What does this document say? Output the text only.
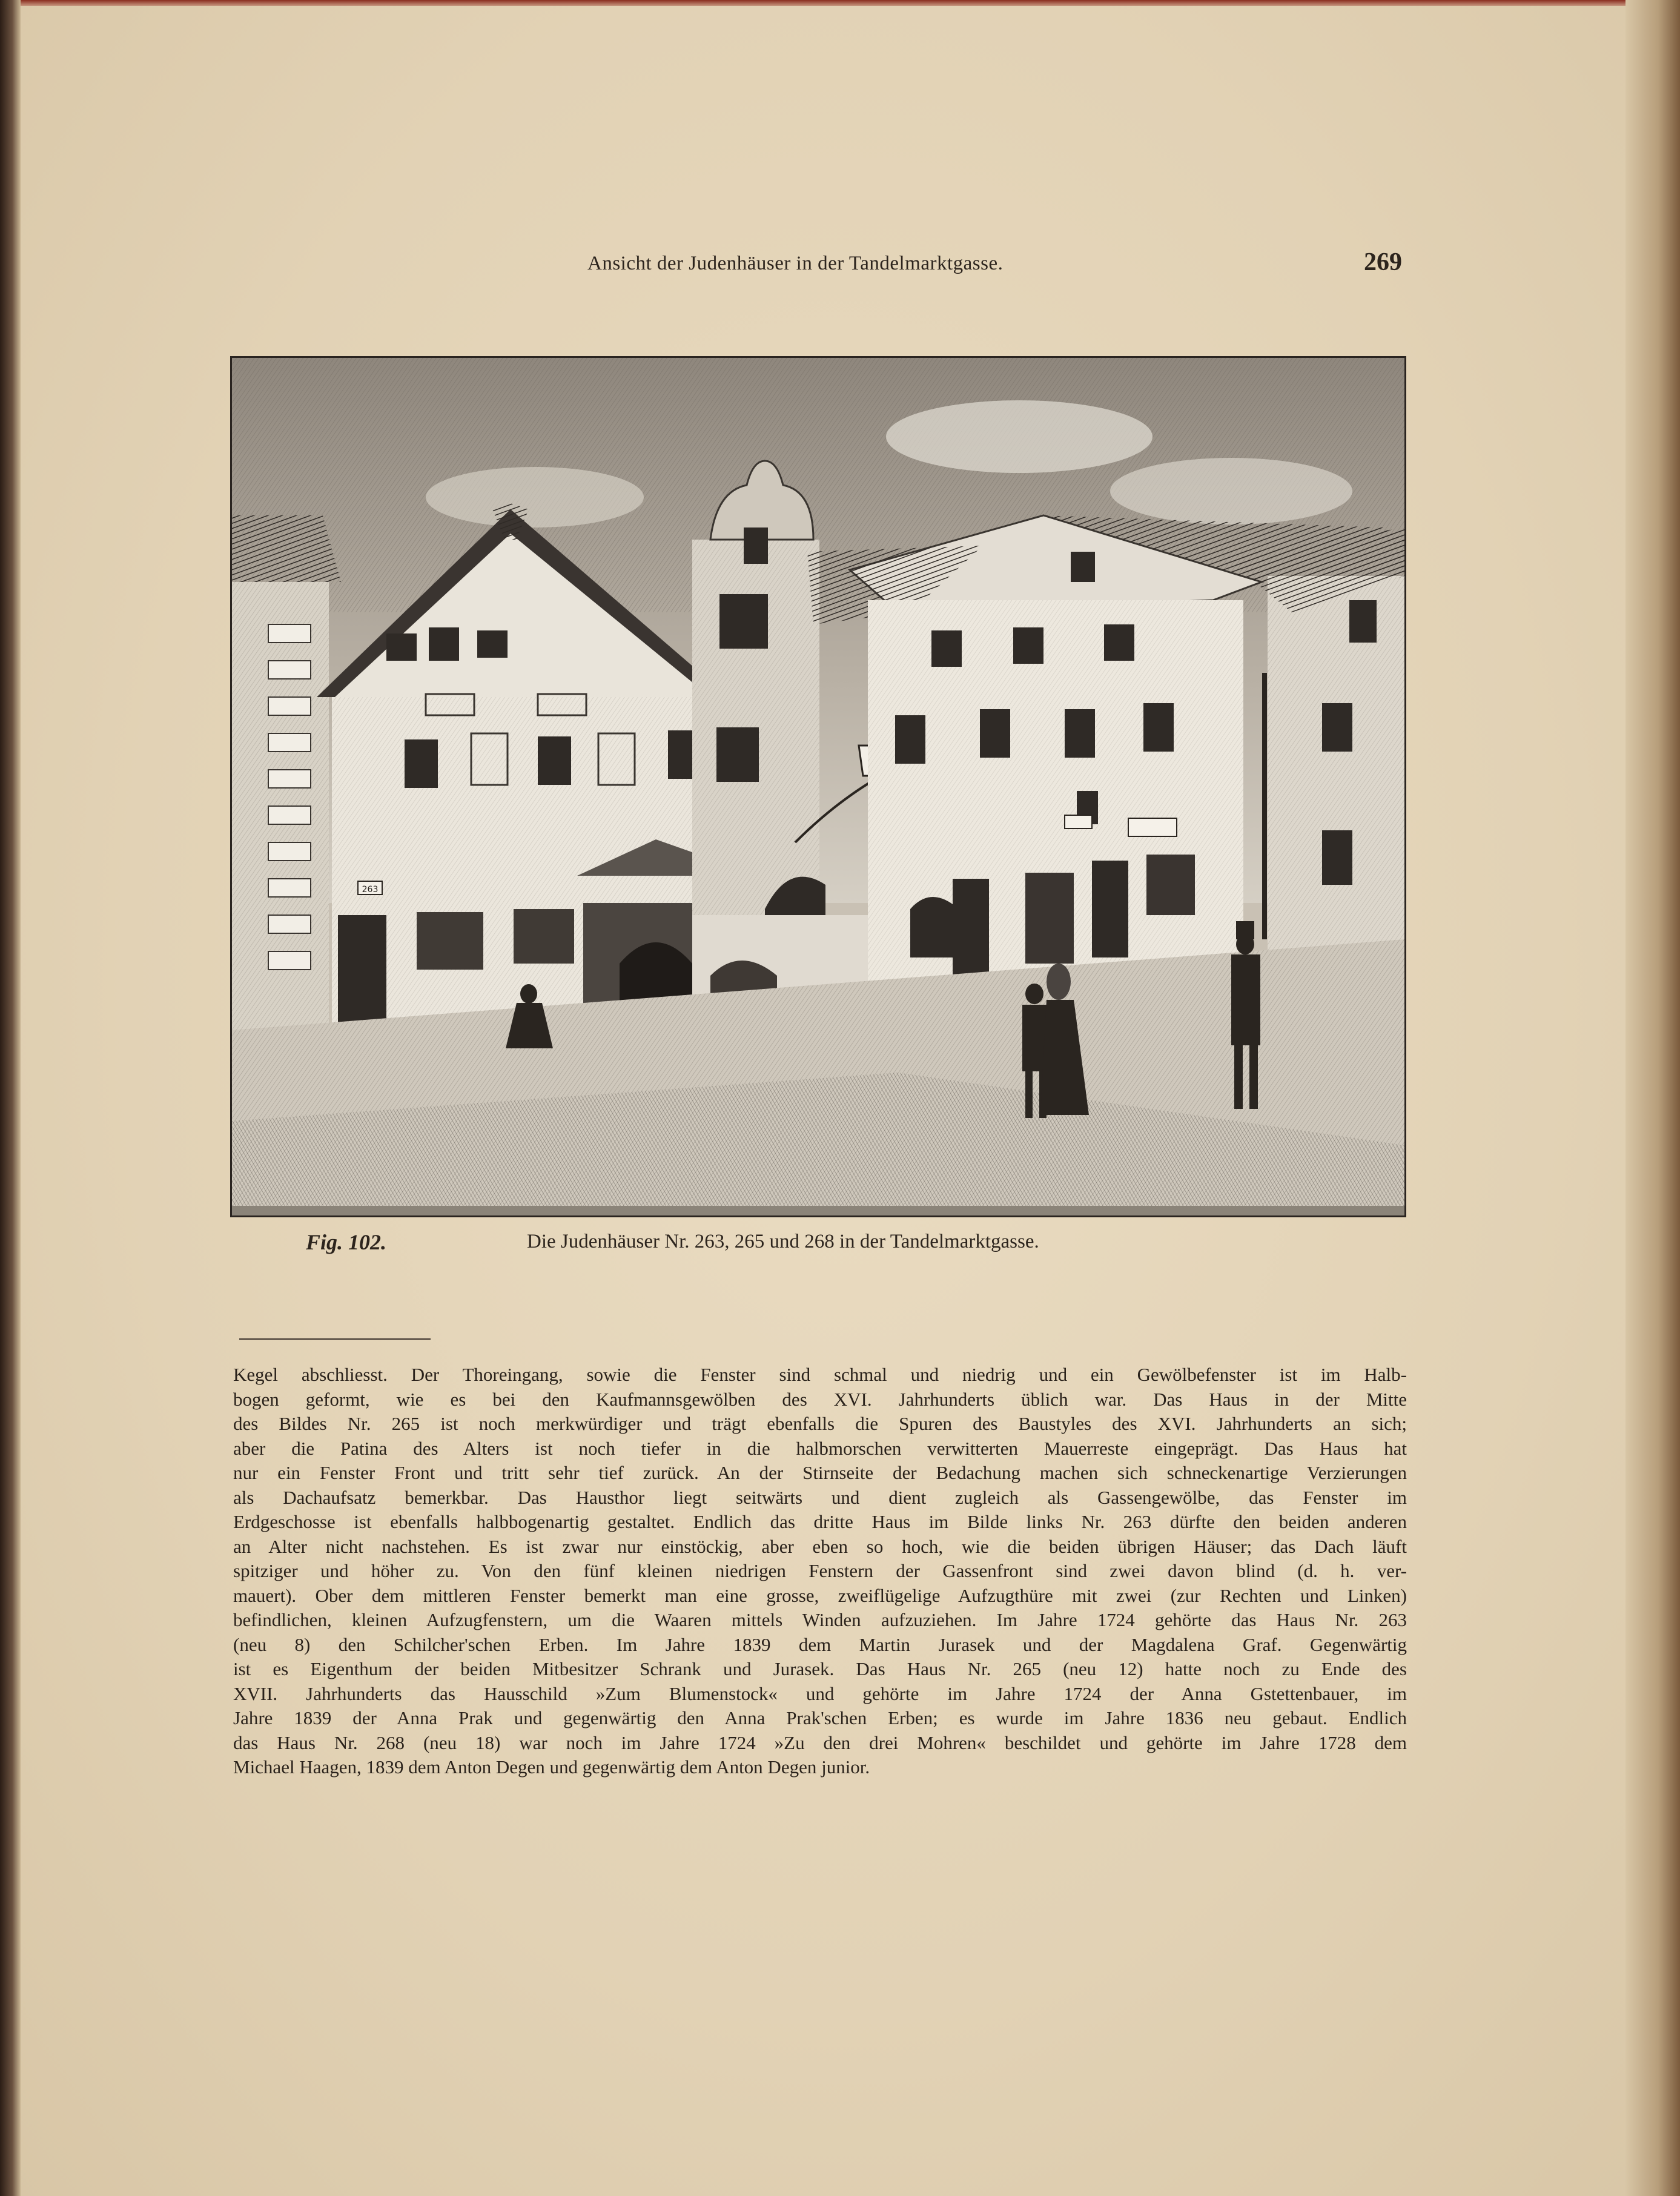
Ansicht der Judenhäuser in der Tandelmarktgasse.	269
263
Fig. 102.	Die Judenhäuser Nr. 263, 265 und 268 in der Tandelmarktgasse.
Kegel abschliesst. Der Thoreingang, sowie die Fenster sind schmal und niedrig und ein Gewölbefenster ist im Halb-
bogen geformt, wie es bei den Kaufmannsgewölben des XVI. Jahrhunderts üblich war. Das Haus in der Mitte
des Bildes Nr. 265 ist noch merkwürdiger und trägt ebenfalls die Spuren des Baustyles des XVI. Jahrhunderts an sich;
aber die Patina des Alters ist noch tiefer in die halbmorschen verwitterten Mauerreste eingeprägt. Das Haus hat
nur ein Fenster Front und tritt sehr tief zurück. An der Stirnseite der Bedachung machen sich schneckenartige Verzierungen
als Dachaufsatz bemerkbar. Das Hausthor liegt seitwärts und dient zugleich als Gassengewölbe, das Fenster im
Erdgeschosse ist ebenfalls halbbogenartig gestaltet. Endlich das dritte Haus im Bilde links Nr. 263 dürfte den beiden anderen
an Alter nicht nachstehen. Es ist zwar nur einstöckig, aber eben so hoch, wie die beiden übrigen Häuser; das Dach läuft
spitziger und höher zu. Von den fünf kleinen niedrigen Fenstern der Gassenfront sind zwei davon blind (d. h. ver-
mauert). Ober dem mittleren Fenster bemerkt man eine grosse, zweiflügelige Aufzugthüre mit zwei (zur Rechten und Linken)
befindlichen, kleinen Aufzugfenstern, um die Waaren mittels Winden aufzuziehen. Im Jahre 1724 gehörte das Haus Nr. 263
(neu 8) den Schilcher'schen Erben. Im Jahre 1839 dem Martin Jurasek und der Magdalena Graf. Gegenwärtig
ist es Eigenthum der beiden Mitbesitzer Schrank und Jurasek. Das Haus Nr. 265 (neu 12) hatte noch zu Ende des
XVII. Jahrhunderts das Hausschild »Zum Blumenstock« und gehörte im Jahre 1724 der Anna Gstettenbauer, im
Jahre 1839 der Anna Prak und gegenwärtig den Anna Prak'schen Erben; es wurde im Jahre 1836 neu gebaut. Endlich
das Haus Nr. 268 (neu 18) war noch im Jahre 1724 »Zu den drei Mohren« beschildet und gehörte im Jahre 1728 dem
Michael Haagen, 1839 dem Anton Degen und gegenwärtig dem Anton Degen junior.
